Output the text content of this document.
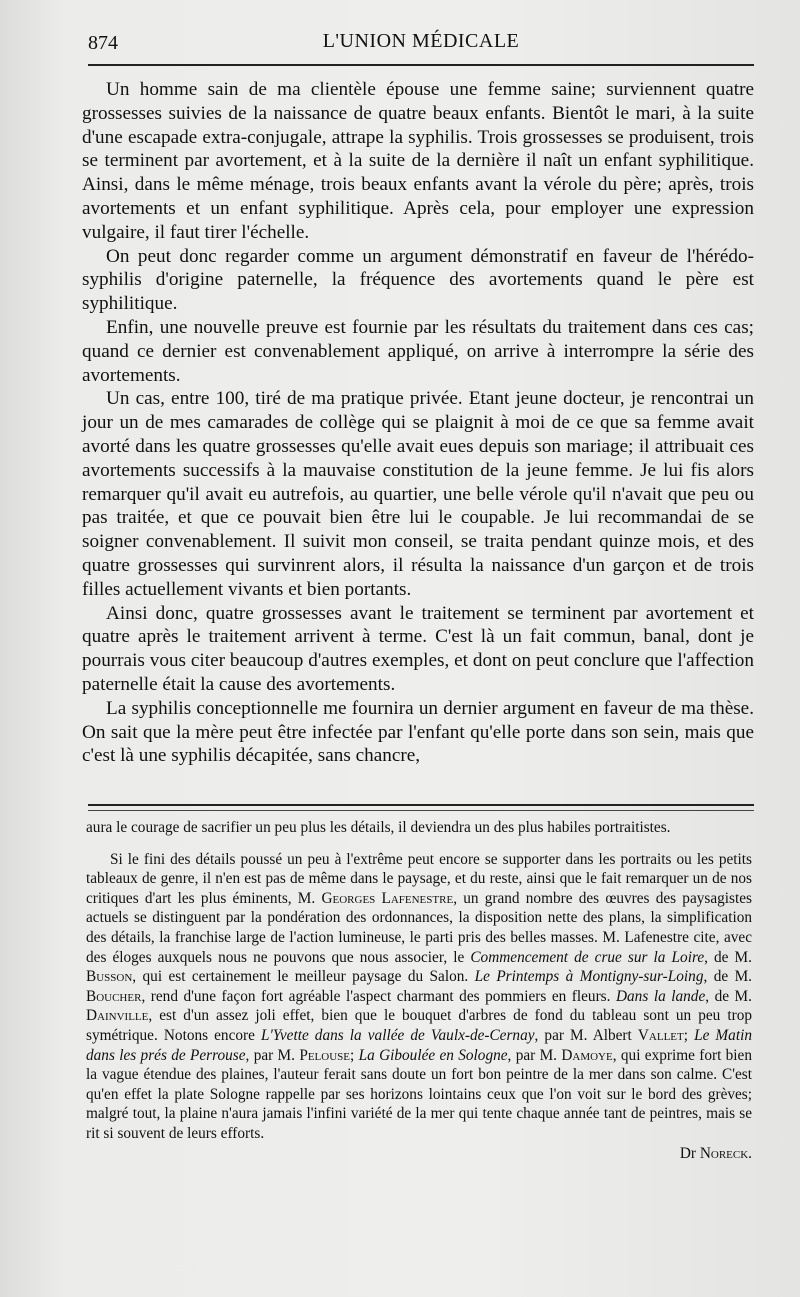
874	L'UNION MÉDICALE

Un homme sain de ma clientèle épouse une femme saine; surviennent quatre grossesses suivies de la naissance de quatre beaux enfants. Bientôt le mari, à la suite d'une escapade extra-conjugale, attrape la syphilis. Trois grossesses se produisent, trois se terminent par avortement, et à la suite de la dernière il naît un enfant syphilitique. Ainsi, dans le même ménage, trois beaux enfants avant la vérole du père; après, trois avortements et un enfant syphilitique. Après cela, pour employer une expression vulgaire, il faut tirer l'échelle.

On peut donc regarder comme un argument démonstratif en faveur de l'hérédo-syphilis d'origine paternelle, la fréquence des avortements quand le père est syphilitique.

Enfin, une nouvelle preuve est fournie par les résultats du traitement dans ces cas; quand ce dernier est convenablement appliqué, on arrive à interrompre la série des avortements.

Un cas, entre 100, tiré de ma pratique privée. Etant jeune docteur, je rencontrai un jour un de mes camarades de collège qui se plaignit à moi de ce que sa femme avait avorté dans les quatre grossesses qu'elle avait eues depuis son mariage; il attribuait ces avortements successifs à la mauvaise constitution de la jeune femme. Je lui fis alors remarquer qu'il avait eu autrefois, au quartier, une belle vérole qu'il n'avait que peu ou pas traitée, et que ce pouvait bien être lui le coupable. Je lui recommandai de se soigner convenablement. Il suivit mon conseil, se traita pendant quinze mois, et des quatre grossesses qui survinrent alors, il résulta la naissance d'un garçon et de trois filles actuellement vivants et bien portants.

Ainsi donc, quatre grossesses avant le traitement se terminent par avortement et quatre après le traitement arrivent à terme. C'est là un fait commun, banal, dont je pourrais vous citer beaucoup d'autres exemples, et dont on peut conclure que l'affection paternelle était la cause des avortements.

La syphilis conceptionnelle me fournira un dernier argument en faveur de ma thèse. On sait que la mère peut être infectée par l'enfant qu'elle porte dans son sein, mais que c'est là une syphilis décapitée, sans chancre,

aura le courage de sacrifier un peu plus les détails, il deviendra un des plus habiles portraitistes.

Si le fini des détails poussé un peu à l'extrême peut encore se supporter dans les portraits ou les petits tableaux de genre, il n'en est pas de même dans le paysage, et du reste, ainsi que le fait remarquer un de nos critiques d'art les plus éminents, M. Georges Lafenestre, un grand nombre des œuvres des paysagistes actuels se distinguent par la pondération des ordonnances, la disposition nette des plans, la simplification des détails, la franchise large de l'action lumineuse, le parti pris des belles masses. M. Lafenestre cite, avec des éloges auxquels nous ne pouvons que nous associer, le Commencement de crue sur la Loire, de M. Busson, qui est certainement le meilleur paysage du Salon. Le Printemps à Montigny-sur-Loing, de M. Boucher, rend d'une façon fort agréable l'aspect charmant des pommiers en fleurs. Dans la lande, de M. Dainville, est d'un assez joli effet, bien que le bouquet d'arbres de fond du tableau sont un peu trop symétrique. Notons encore L'Yvette dans la vallée de Vaulx-de-Cernay, par M. Albert Vallet; Le Matin dans les prés de Perrouse, par M. Pelouse; La Giboulée en Sologne, par M. Damoye, qui exprime fort bien la vague étendue des plaines, l'auteur ferait sans doute un fort bon peintre de la mer dans son calme. C'est qu'en effet la plate Sologne rappelle par ses horizons lointains ceux que l'on voit sur le bord des grèves; malgré tout, la plaine n'aura jamais l'infini variété de la mer qui tente chaque année tant de peintres, mais se rit si souvent de leurs efforts.

Dr Noreck.
